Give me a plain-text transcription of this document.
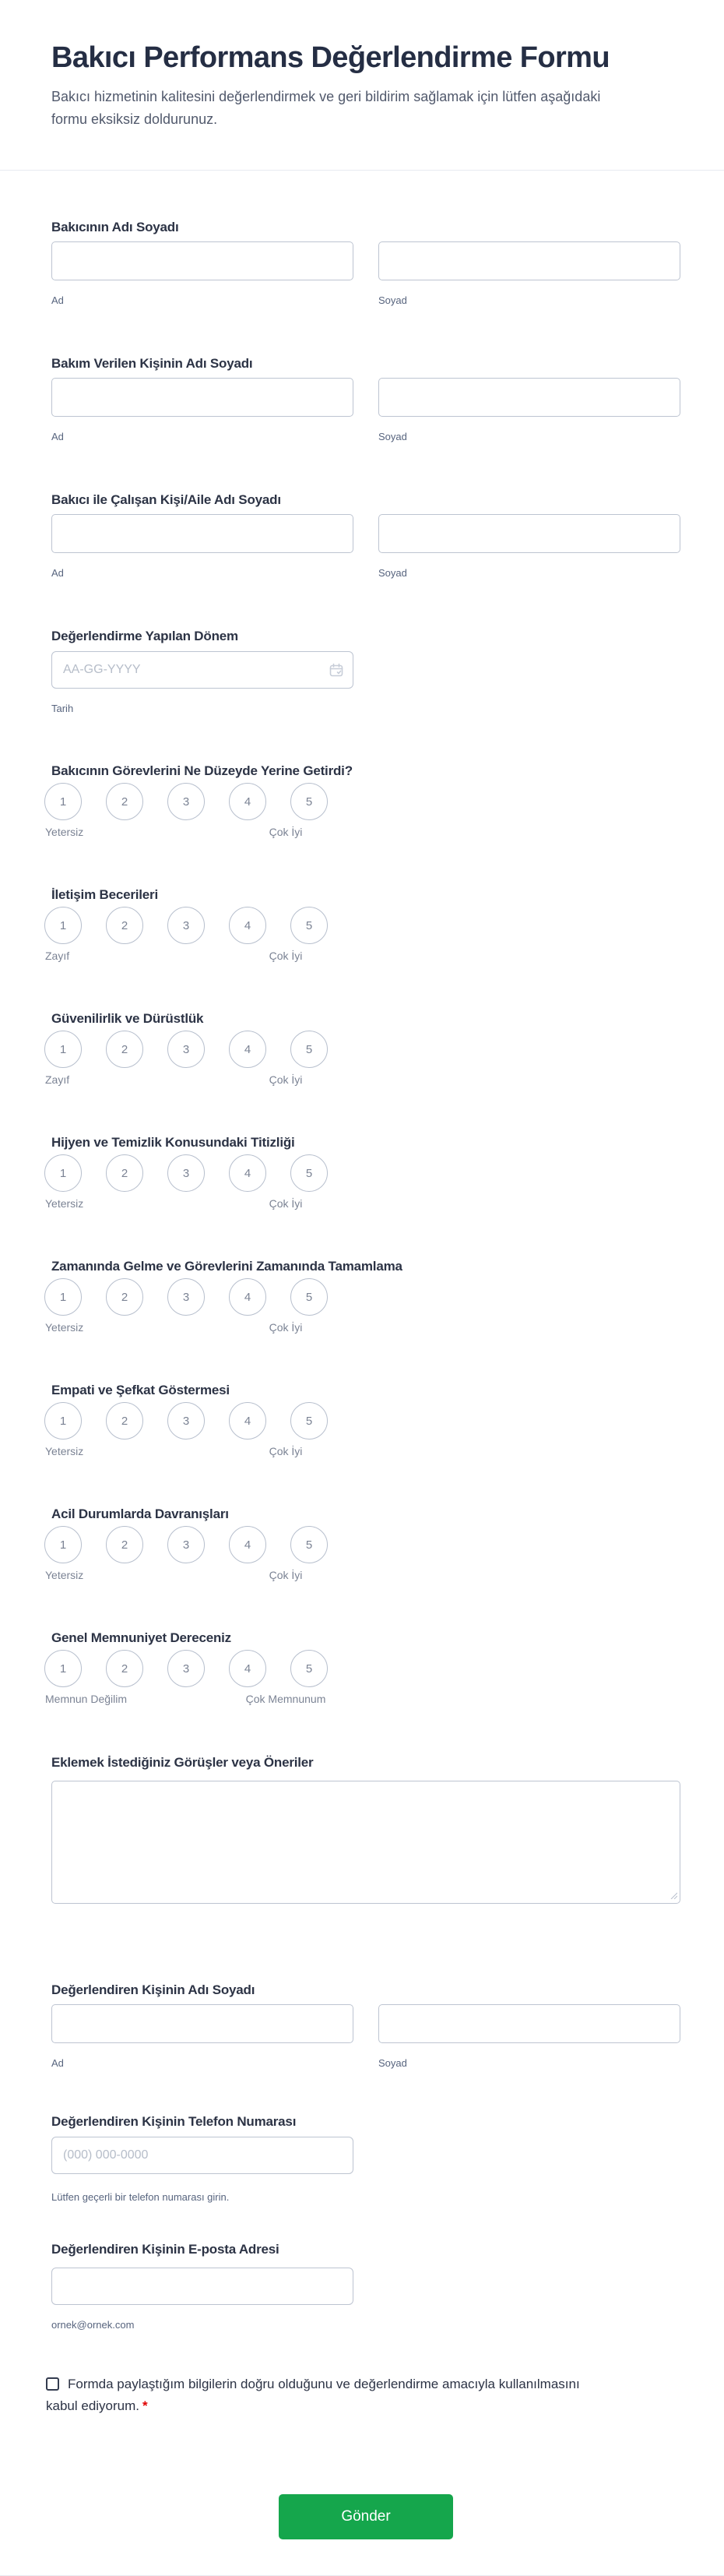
Bakıcı Performans Değerlendirme Formu

Bakıcı hizmetinin kalitesini değerlendirmek ve geri bildirim sağlamak için lütfen aşağıdaki formu eksiksiz doldurunuz.

Bakıcının Adı Soyadı
Ad	Soyad
Bakım Verilen Kişinin Adı Soyadı
Ad	Soyad
Bakıcı ile Çalışan Kişi/Aile Adı Soyadı
Ad	Soyad
Değerlendirme Yapılan Dönem
AA-GG-YYYY
Tarih
Bakıcının Görevlerini Ne Düzeyde Yerine Getirdi?
1	2	3	4	5
Yetersiz	Çok İyi
İletişim Becerileri
1	2	3	4	5
Zayıf	Çok İyi
Güvenilirlik ve Dürüstlük
1	2	3	4	5
Zayıf	Çok İyi
Hijyen ve Temizlik Konusundaki Titizliği
1	2	3	4	5
Yetersiz	Çok İyi
Zamanında Gelme ve Görevlerini Zamanında Tamamlama
1	2	3	4	5
Yetersiz	Çok İyi
Empati ve Şefkat Göstermesi
1	2	3	4	5
Yetersiz	Çok İyi
Acil Durumlarda Davranışları
1	2	3	4	5
Yetersiz	Çok İyi
Genel Memnuniyet Dereceniz
1	2	3	4	5
Memnun Değilim	Çok Memnunum
Eklemek İstediğiniz Görüşler veya Öneriler
Değerlendiren Kişinin Adı Soyadı
Ad	Soyad
Değerlendiren Kişinin Telefon Numarası
(000) 000-0000
Lütfen geçerli bir telefon numarası girin.
Değerlendiren Kişinin E-posta Adresi
ornek@ornek.com
Formda paylaştığım bilgilerin doğru olduğunu ve değerlendirme amacıyla kullanılmasını kabul ediyorum. *
Gönder
